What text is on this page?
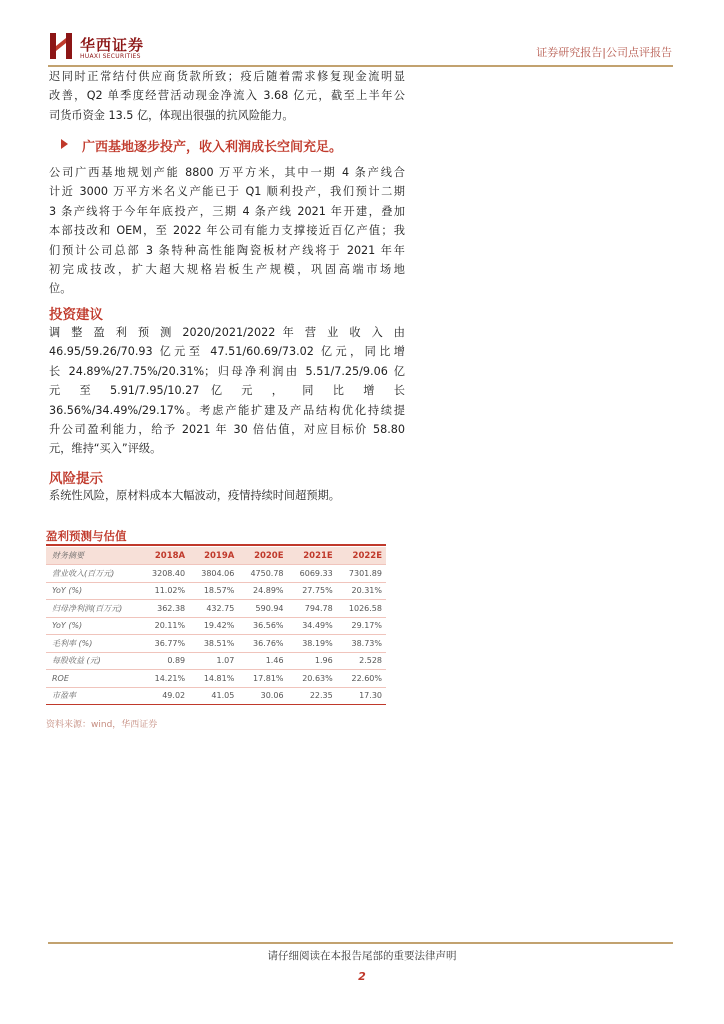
华西证券
HUAXI SECURITIES	证券研究报告|公司点评报告
迟同时正常结付供应商货款所致；疫后随着需求修复现金流明显
改善，Q2 单季度经营活动现金净流入 3.68 亿元，截至上半年公
司货币资金 13.5 亿，体现出很强的抗风险能力。
广西基地逐步投产，收入利润成长空间充足。
公司广西基地规划产能 8800 万平方米，其中一期 4 条产线合
计近 3000 万平方米名义产能已于 Q1 顺利投产，我们预计二期
3 条产线将于今年年底投产，三期 4 条产线 2021 年开建，叠加
本部技改和 OEM，至 2022 年公司有能力支撑接近百亿产值；我
们预计公司总部 3 条特种高性能陶瓷板材产线将于 2021 年年
初完成技改，扩大超大规格岩板生产规模，巩固高端市场地
位。
投资建议
调 整 盈 利 预 测 2020/2021/2022 年 营 业 收 入 由
46.95/59.26/70.93 亿元至 47.51/60.69/73.02 亿元，同比增
长 24.89%/27.75%/20.31%；归母净利润由 5.51/7.25/9.06 亿
元 至 5.91/7.95/10.27 亿 元 ， 同 比 增 长
36.56%/34.49%/29.17%。考虑产能扩建及产品结构优化持续提
升公司盈利能力，给予 2021 年 30 倍估值，对应目标价 58.80
元，维持“买入”评级。
风险提示
系统性风险，原材料成本大幅波动，疫情持续时间超预期。
盈利预测与估值
财务摘要	2018A	2019A	2020E	2021E	2022E
营业收入(百万元)	3208.40	3804.06	4750.78	6069.33	7301.89
YoY (%)	11.02%	18.57%	24.89%	27.75%	20.31%
归母净利润(百万元)	362.38	432.75	590.94	794.78	1026.58
YoY (%)	20.11%	19.42%	36.56%	34.49%	29.17%
毛利率 (%)	36.77%	38.51%	36.76%	38.19%	38.73%
每股收益 (元)	0.89	1.07	1.46	1.96	2.528
ROE	14.21%	14.81%	17.81%	20.63%	22.60%
市盈率	49.02	41.05	30.06	22.35	17.30
资料来源：wind，华西证券
请仔细阅读在本报告尾部的重要法律声明
2
